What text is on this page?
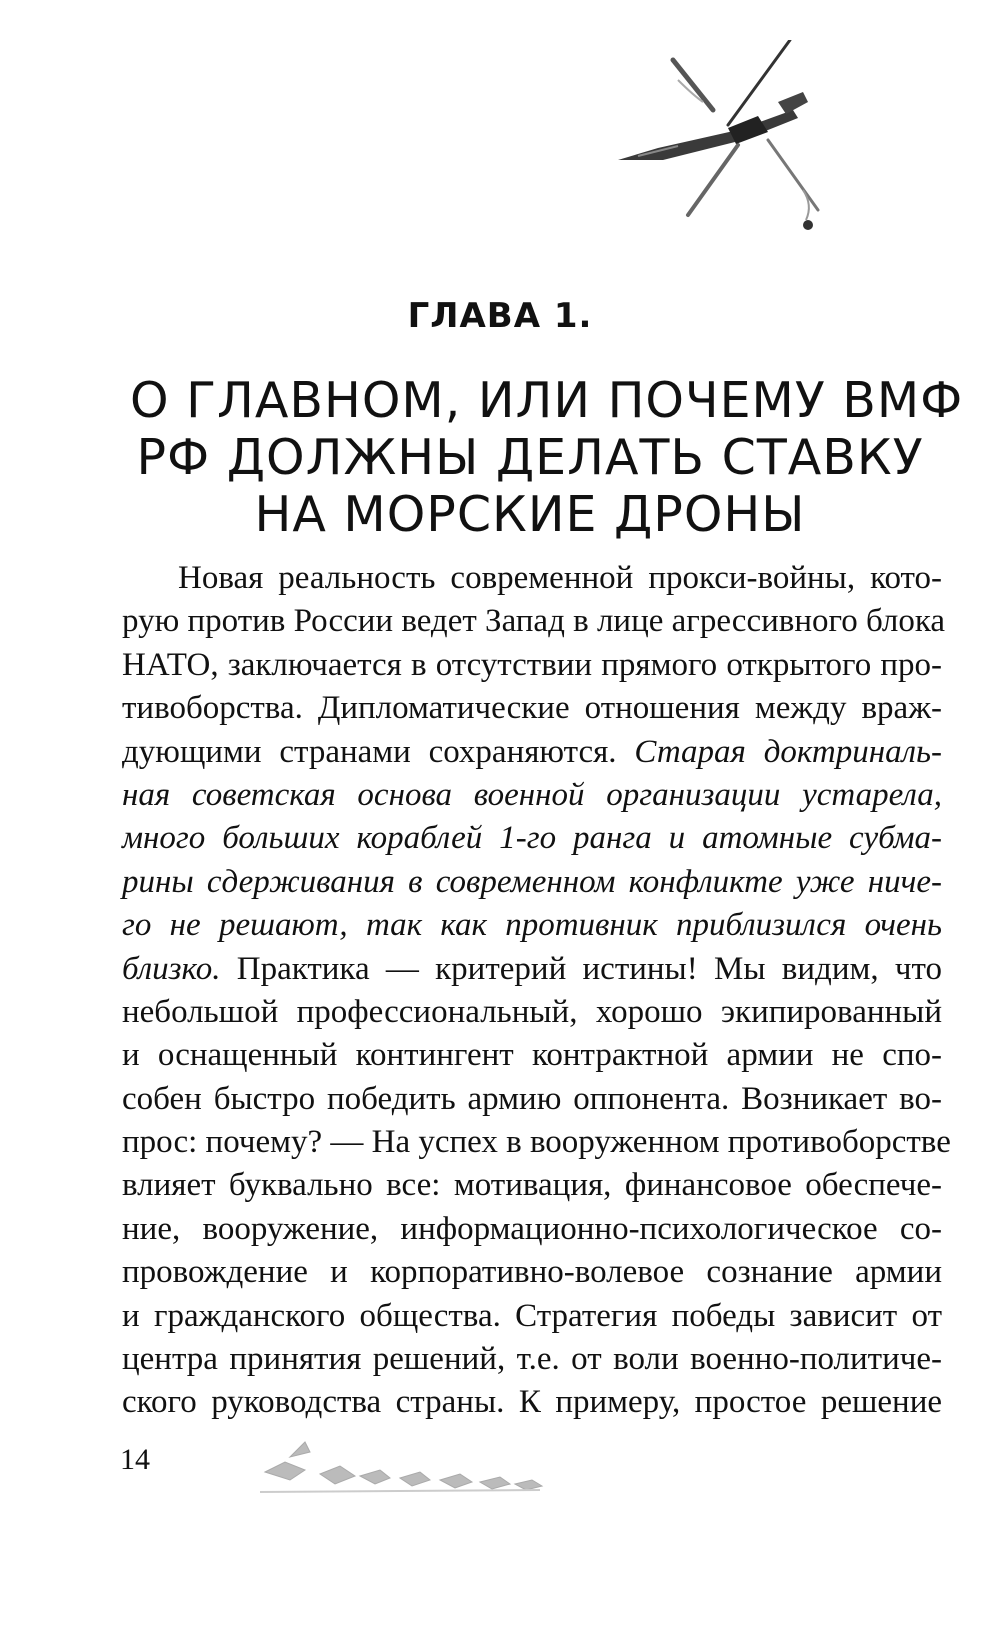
ГЛАВА 1.
О ГЛАВНОМ, ИЛИ ПОЧЕМУ ВМФ
РФ ДОЛЖНЫ ДЕЛАТЬ СТАВКУ
НА МОРСКИЕ ДРОНЫ
Новая реальность современной прокси-войны, кото-
рую против России ведет Запад в лице агрессивного блока
НАТО, заключается в отсутствии прямого открытого про-
тивоборства. Дипломатические отношения между враж-
дующими странами сохраняются. Старая доктриналь-
ная советская основа военной организации устарела,
много больших кораблей 1-го ранга и атомные субма-
рины сдерживания в современном конфликте уже ниче-
го не решают, так как противник приблизился очень
близко. Практика — критерий истины! Мы видим, что
небольшой профессиональный, хорошо экипированный
и оснащенный контингент контрактной армии не спо-
собен быстро победить армию оппонента. Возникает во-
прос: почему? — На успех в вооруженном противоборстве
влияет буквально все: мотивация, финансовое обеспече-
ние, вооружение, информационно-психологическое со-
провождение и корпоративно-волевое сознание армии
и гражданского общества. Стратегия победы зависит от
центра принятия решений, т.е. от воли военно-политиче-
ского руководства страны. К примеру, простое решение
14
